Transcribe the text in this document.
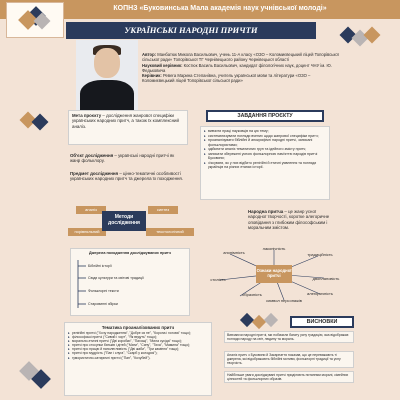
КОПНЗ «Буковинська Мала академія наук учнівської молоді»
УКРАЇНСЬКІ НАРОДНІ ПРИЧТИ

Автор: Манбатюк Микола Васильович, учень 11-А класу «ОЗО – Коломиєвецький ліцей Топорівської сільської ради» Топорівської ТГ Чернівецького району Чернівецької області

Науковий керівник: Костюк Василь Васильович, кандидат філологічних наук, доцент ЧНУ ім. Ю. Федьковича

Керівник: Ревега Марина Степанівна, учитель української мови та літератури «ОЗО – Коломиєвецький ліцей Топорівської сільської ради»

Мета проєкту – дослідження жанрової специфіки українських народних притч, а також їх комплексний аналіз.
Об'єкт дослідження – українські народні притчі як жанр фольклору.
Предмет дослідження – ціннo-тематичні особливості українських народних притч та джерела їх походження.
ЗАВДАННЯ ПРОЄКТУ
▸ вивчити праці науковців на цю тему;
▸ систематизувати погляди вчених щодо жанрової специфіки притч;
▸ проаналізувати біблійні й апокрифічні народні притчі, записані фольклористами;
▸ здійснити аналіз тематичних груп та ідейного змісту притч;
▸ записати збережені усною фольклорною пам'яттю народів притчі Буковини;
▸ з'ясувати, як у них відбито релігійні й етичні уявлення та погляди українців на різних етапах історії.
аналіз	синтез
порівняльний	текстологічний
Методи дослідження
Народна притча – це жанр усної народної творчості, коротке алегоричне оповідання з глибоким філософським і моральним змістом.
Джерела походження досліджуваних притч
Біблійні історії
Сюди культури та світові традиції
Фольклорні тексти
Старовинні збірки
Ознаки народної притчі
анонімність
лаконічність
образність
стилість
традиційність
алегоричність
двоплановість
символ персонажів
Тематика проаналізованих притч
▸ релігійні притчі ("Хочу народження", "Добре ся не", "Корона і голова" тощо);
▸ філософські притчі ("Сивий і чорт", "Як ведуть" тощо);
▸ морально-етичні притчі ("Дві коробки", "Пахощі", "Мила сусіда" тощо);
▸ притчі про стосунки батьків і дітей ("Мати", "Сину", "Тиха", "Мамина" тощо);
▸ притчі про працю й наполегливість ("Дві жаби", "Три каміння" тощо);
▸ притчі про мудрість ("Пан і слуга", "Скарб у колодязі");
▸ гумористично-сатиричні притчі ("Пан", "Кочубей").
ВИСНОВКИ
Вивчаючи народні притчі, ми побачили багату усну традицію, яка відображає погляди народу на світ, людину та мораль.
Аналіз притч з Буковини й Закарпаття показав, що це переважають ті джерела, які відображають біблійні мотиви, фольклорні традиції та усну творчість.
Найбільше уваги досліджувані притчі приділяють питанням моралі, сімейних цінностей та фольклорних образів.
